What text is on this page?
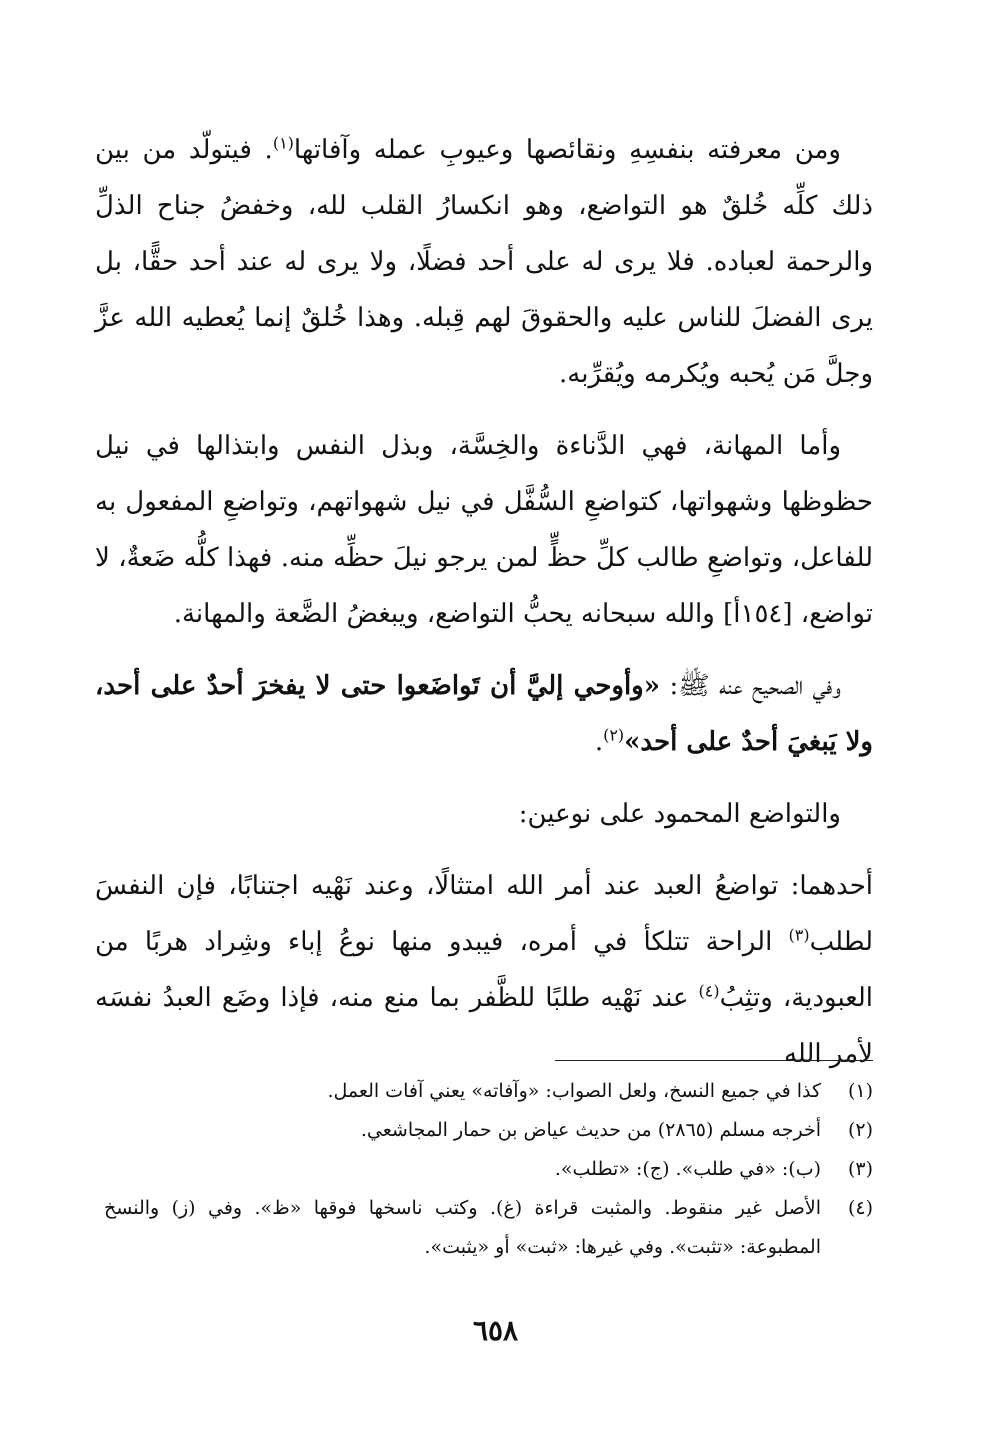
ومن معرفته بنفسِهِ ونقائصها وعيوبِ عمله وآفاتها$^{(١)}$. فيتولّد من بين ذلك كلِّه خُلقٌ هو التواضع، وهو انكسارُ القلب لله، وخفضُ جناح الذلِّ والرحمة لعباده. فلا يرى له على أحد فضلًا، ولا يرى له عند أحد حقًّا، بل يرى الفضلَ للناس عليه والحقوقَ لهم قِبله. وهذا خُلقٌ إنما يُعطيه الله عزَّ وجلَّ مَن يُحبه ويُكرمه ويُقرِّبه.

وأما المهانة، فهي الدَّناءة والخِسَّة، وبذل النفس وابتذالها في نيل حظوظها وشهواتها، كتواضعِ السُّفَّل في نيل شهواتهم، وتواضعِ المفعول به للفاعل، وتواضعِ طالب كلِّ حظٍّ لمن يرجو نيلَ حظِّه منه. فهذا كلُّه ضَعةٌ، لا تواضع، [١٥٤أ] والله سبحانه يحبُّ التواضع، ويبغضُ الضَّعة والمهانة.

وفي الصحيح عنه ﷺ: «وأوحي إليَّ أن تَواضَعوا حتى لا يفخرَ أحدٌ على أحد، ولا يَبغيَ أحدٌ على أحد»$^{(٢)}$.

والتواضع المحمود على نوعين:

أحدهما: تواضعُ العبد عند أمر الله امتثالًا، وعند نَهْيه اجتنابًا، فإن النفسَ لطلب$^{(٣)}$ الراحة تتلكأ في أمره، فيبدو منها نوعُ إباء وشِراد هربًا من العبودية، وتثِبُ$^{(٤)}$ عند نَهْيه طلبًا للظَّفر بما منع منه، فإذا وضَع العبدُ نفسَه لأمر الله

(١)
كذا في جميع النسخ، ولعل الصواب: «وآفاته» يعني آفات العمل.
(٢)
أخرجه مسلم (٢٨٦٥) من حديث عياض بن حمار المجاشعي.
(٣)
(ب): «في طلب». (ج): «تطلب».
(٤)
الأصل غير منقوط. والمثبت قراءة (غ). وكتب ناسخها فوقها «ظ». وفي (ز) والنسخ المطبوعة: «تثبت». وفي غيرها: «ثبت» أو «يثبت».
٦٥٨
